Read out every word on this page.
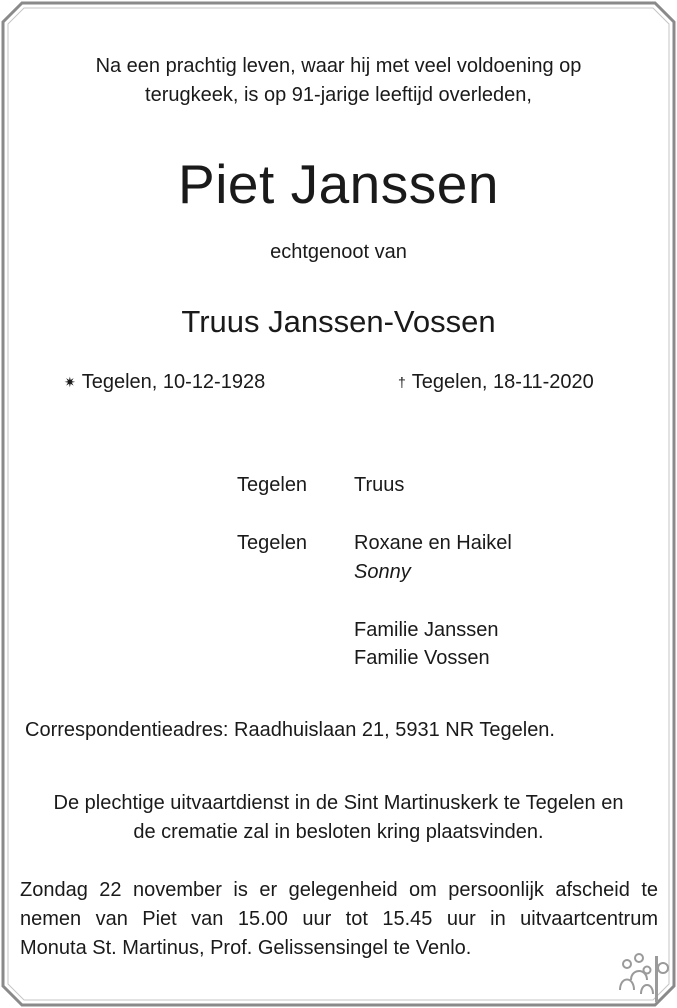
Na een prachtig leven, waar hij met veel voldoening op
terugkeek, is op 91-jarige leeftijd overleden,
Piet Janssen
echtgenoot van
Truus Janssen-Vossen
✷ Tegelen, 10-12-1928	† Tegelen, 18-11-2020
Tegelen Truus
Tegelen Roxane en Haikel
Sonny
Familie Janssen
Familie Vossen
Correspondentieadres: Raadhuislaan 21, 5931 NR Tegelen.
De plechtige uitvaartdienst in de Sint Martinuskerk te Tegelen en
de crematie zal in besloten kring plaatsvinden.
Zondag 22 november is er gelegenheid om persoonlijk afscheid te
nemen van Piet van 15.00 uur tot 15.45 uur in uitvaartcentrum
Monuta St. Martinus, Prof. Gelissensingel te Venlo.
